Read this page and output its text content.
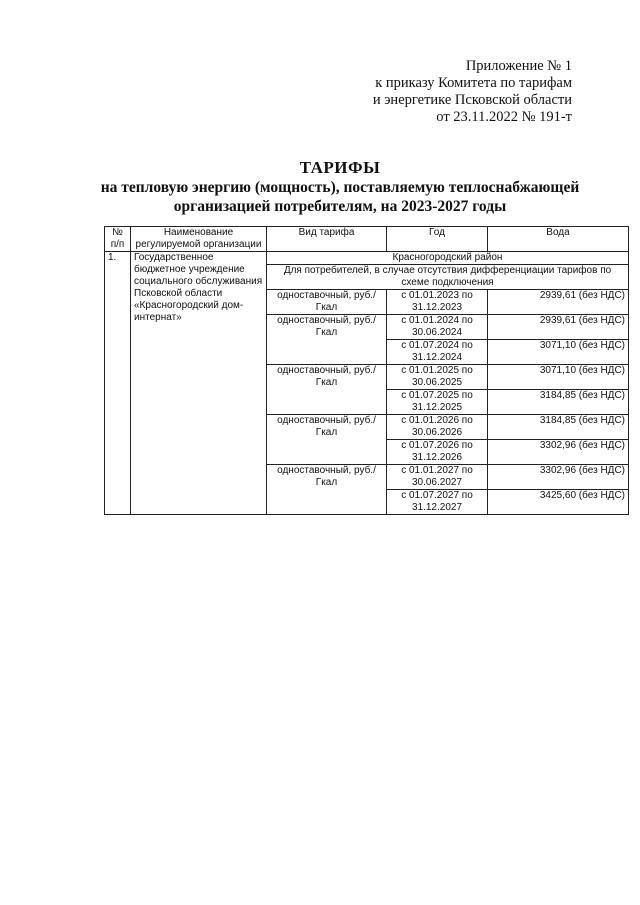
Приложение № 1
к приказу Комитета по тарифам
и энергетике Псковской области
от 23.11.2022 № 191-т
ТАРИФЫ
на тепловую энергию (мощность), поставляемую теплоснабжающей
организацией потребителям, на 2023-2027 годы
№ п/п	Наименование регулируемой организации	Вид тарифа	Год	Вода
1.	Государственное бюджетное учреждение социального обслуживания Псковской области «Красногородский дом-интернат»	Красногородский район		
		Для потребителей, в случае отсутствия дифференциации тарифов по схеме подключения		
		одноставочный, руб./Гкал	с 01.01.2023 по 31.12.2023	2939,61 (без НДС)
		одноставочный, руб./Гкал	с 01.01.2024 по 30.06.2024	2939,61 (без НДС)
			с 01.07.2024 по 31.12.2024	3071,10 (без НДС)
		одноставочный, руб./Гкал	с 01.01.2025 по 30.06.2025	3071,10 (без НДС)
			с 01.07.2025 по 31.12.2025	3184,85 (без НДС)
		одноставочный, руб./Гкал	с 01.01.2026 по 30.06.2026	3184,85 (без НДС)
			с 01.07.2026 по 31.12.2026	3302,96 (без НДС)
		одноставочный, руб./Гкал	с 01.01.2027 по 30.06.2027	3302,96 (без НДС)
			с 01.07.2027 по 31.12.2027	3425,60 (без НДС)
